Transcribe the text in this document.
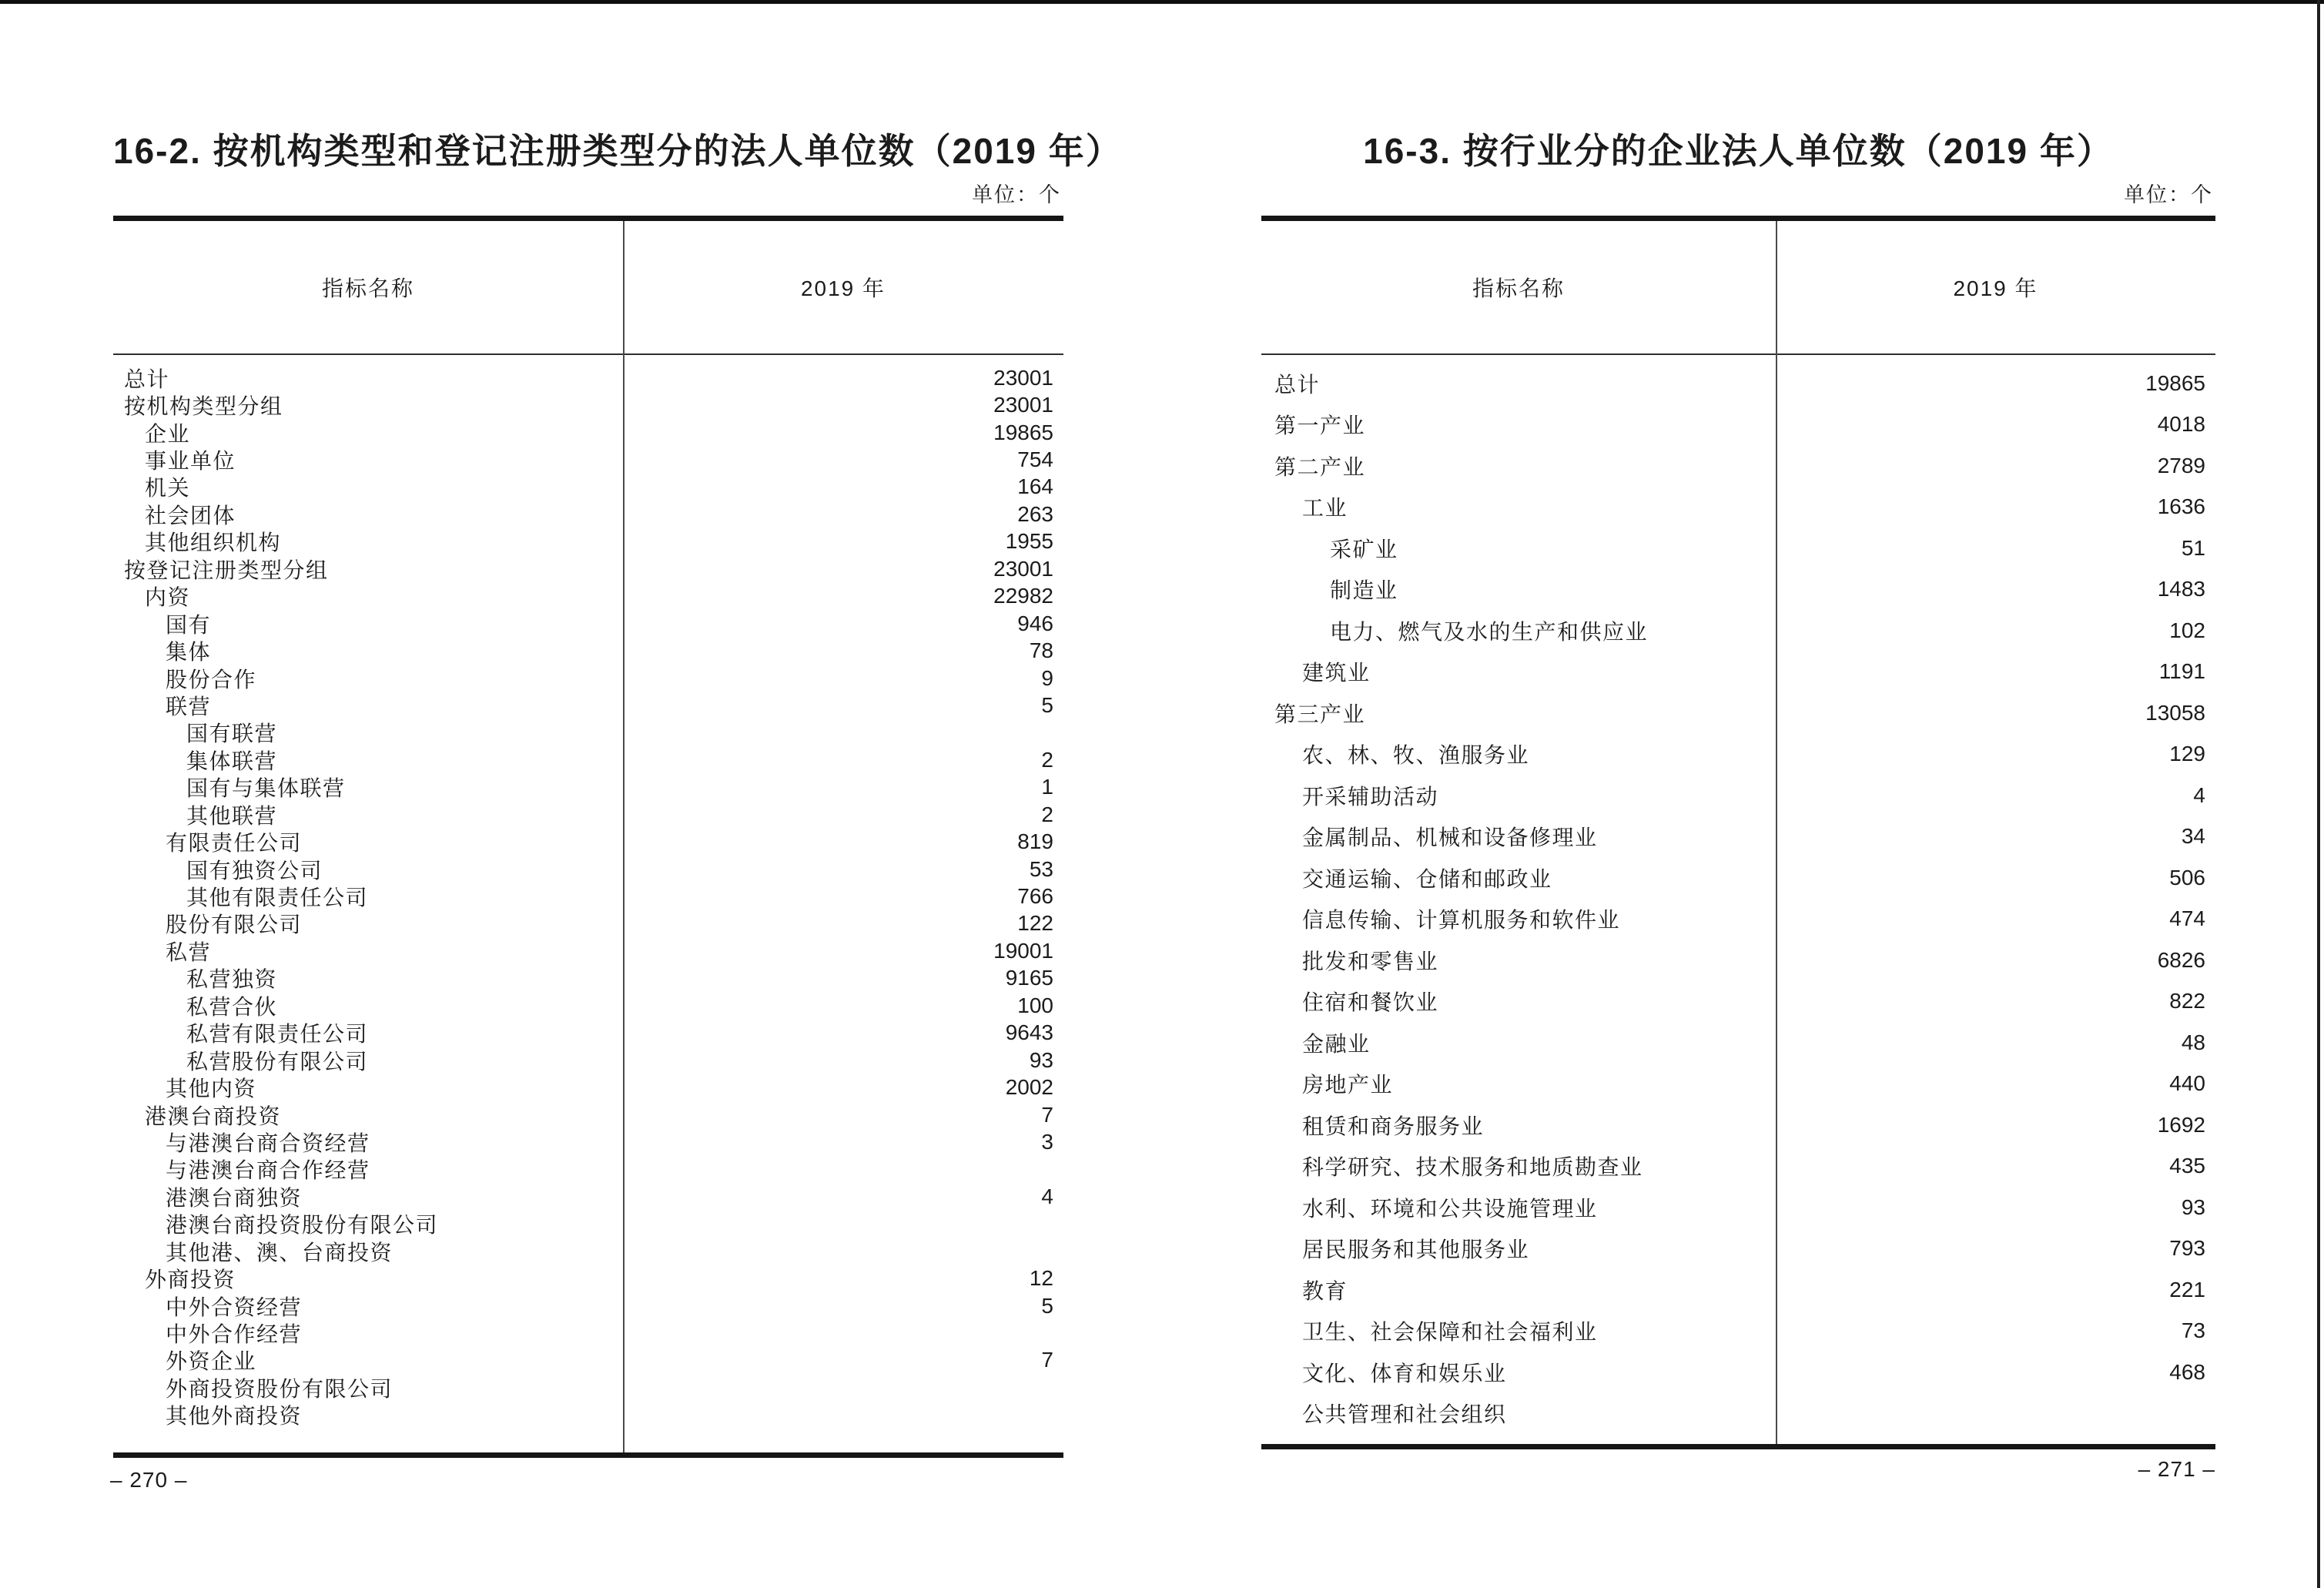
16-2. 按机构类型和登记注册类型分的法人单位数（2019 年）
单位：个
指标名称	2019 年
总计	23001
按机构类型分组	23001
企业	19865
事业单位	754
机关	164
社会团体	263
其他组织机构	1955
按登记注册类型分组	23001
内资	22982
国有	946
集体	78
股份合作	9
联营	5
国有联营
集体联营	2
国有与集体联营	1
其他联营	2
有限责任公司	819
国有独资公司	53
其他有限责任公司	766
股份有限公司	122
私营	19001
私营独资	9165
私营合伙	100
私营有限责任公司	9643
私营股份有限公司	93
其他内资	2002
港澳台商投资	7
与港澳台商合资经营	3
与港澳台商合作经营
港澳台商独资	4
港澳台商投资股份有限公司
其他港、澳、台商投资
外商投资	12
中外合资经营	5
中外合作经营
外资企业	7
外商投资股份有限公司
其他外商投资
– 270 –
16-3. 按行业分的企业法人单位数（2019 年）
单位：个
指标名称	2019 年
总计	19865
第一产业	4018
第二产业	2789
工业	1636
采矿业	51
制造业	1483
电力、燃气及水的生产和供应业	102
建筑业	1191
第三产业	13058
农、林、牧、渔服务业	129
开采辅助活动	4
金属制品、机械和设备修理业	34
交通运输、仓储和邮政业	506
信息传输、计算机服务和软件业	474
批发和零售业	6826
住宿和餐饮业	822
金融业	48
房地产业	440
租赁和商务服务业	1692
科学研究、技术服务和地质勘查业	435
水利、环境和公共设施管理业	93
居民服务和其他服务业	793
教育	221
卫生、社会保障和社会福利业	73
文化、体育和娱乐业	468
公共管理和社会组织
– 271 –
